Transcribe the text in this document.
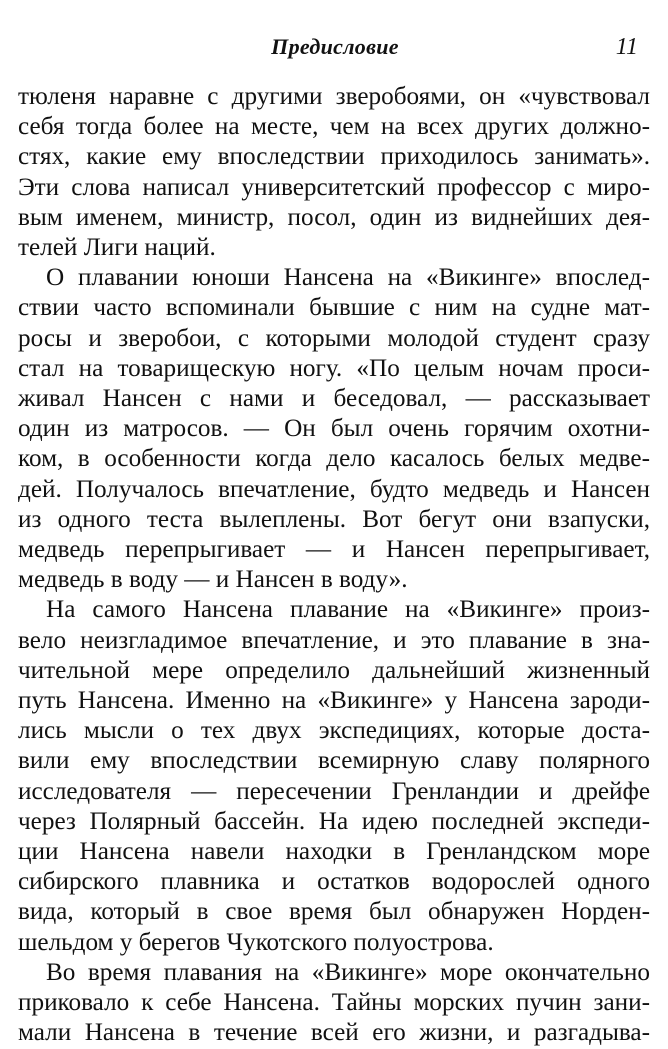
Предисловие	11

тюленя наравне с другими зверобоями, он «чувствовал

себя тогда более на месте, чем на всех других должно-

стях, какие ему впоследствии приходилось занимать».

Эти слова написал университетский профессор с миро-

вым именем, министр, посол, один из виднейших дея-

телей Лиги наций.

О плавании юноши Нансена на «Викинге» впослед-

ствии часто вспоминали бывшие с ним на судне мат-

росы и зверобои, с которыми молодой студент сразу

стал на товарищескую ногу. «По целым ночам проси-

живал Нансен с нами и беседовал, — рассказывает

один из матросов. — Он был очень горячим охотни-

ком, в особенности когда дело касалось белых медве-

дей. Получалось впечатление, будто медведь и Нансен

из одного теста вылеплены. Вот бегут они взапуски,

медведь перепрыгивает — и Нансен перепрыгивает,

медведь в воду — и Нансен в воду».

На самого Нансена плавание на «Викинге» произ-

вело неизгладимое впечатление, и это плавание в зна-

чительной мере определило дальнейший жизненный

путь Нансена. Именно на «Викинге» у Нансена зароди-

лись мысли о тех двух экспедициях, которые доста-

вили ему впоследствии всемирную славу полярного

исследователя — пересечении Гренландии и дрейфе

через Полярный бассейн. На идею последней экспеди-

ции Нансена навели находки в Гренландском море

сибирского плавника и остатков водорослей одного

вида, который в свое время был обнаружен Норден-

шельдом у берегов Чукотского полуострова.

Во время плавания на «Викинге» море окончательно

приковало к себе Нансена. Тайны морских пучин зани-

мали Нансена в течение всей его жизни, и разгадыва-
